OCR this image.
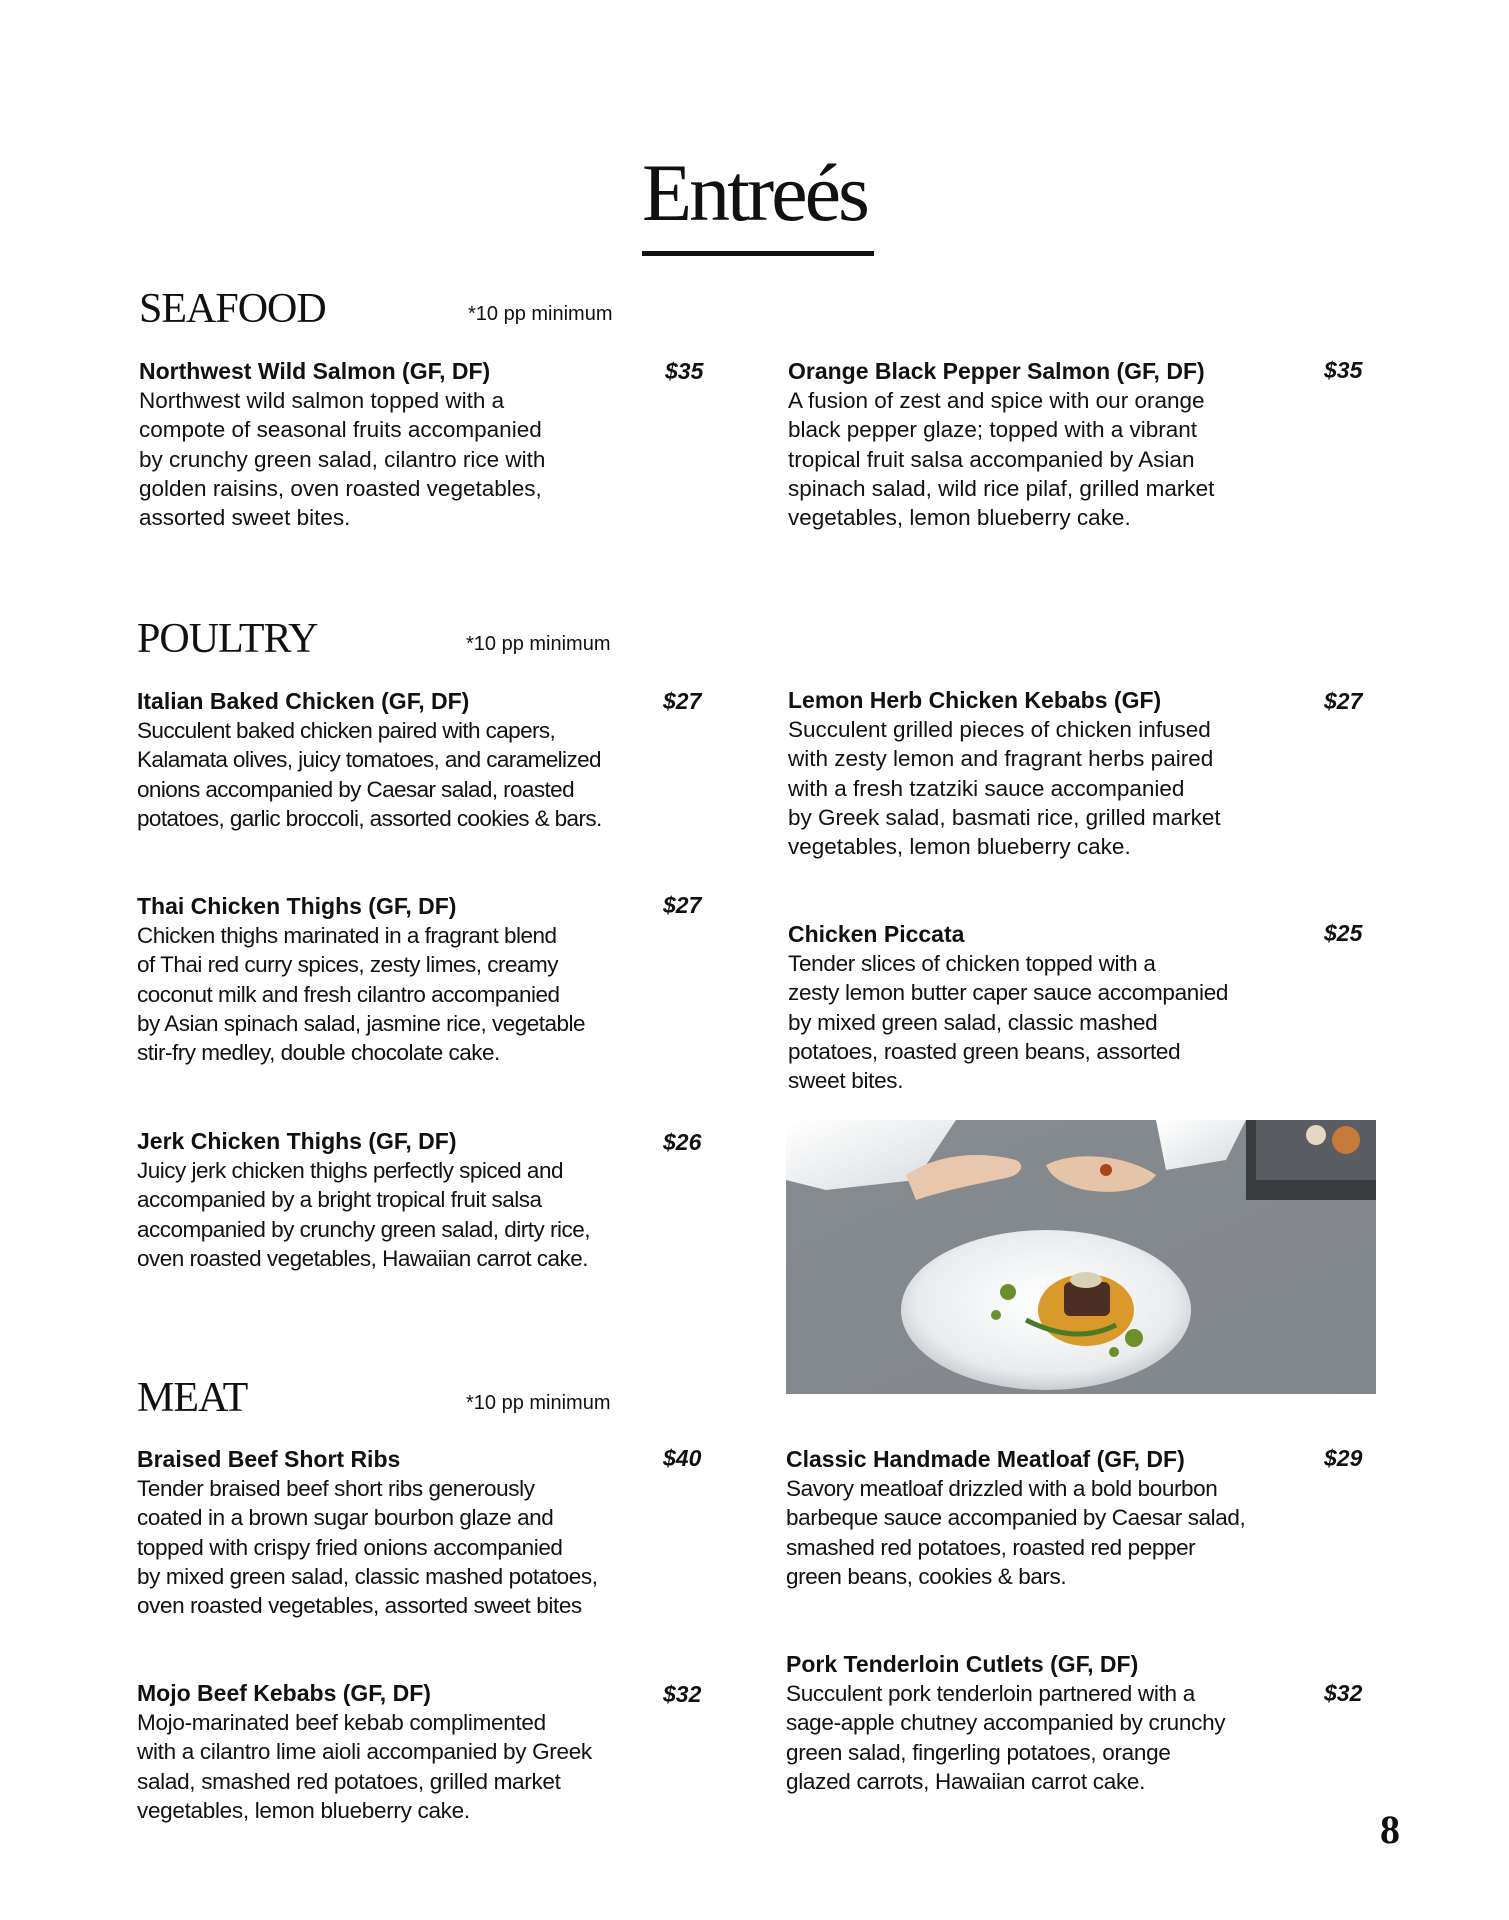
Entreés
SEAFOOD	*10 pp minimum

Northwest Wild Salmon (GF, DF)

Northwest wild salmon topped with a
compote of seasonal fruits accompanied
by crunchy green salad, cilantro rice with
golden raisins, oven roasted vegetables,
assorted sweet bites.

$35	Orange Black Pepper Salmon (GF, DF)

A fusion of zest and spice with our orange
black pepper glaze; topped with a vibrant
tropical fruit salsa accompanied by Asian
spinach salad, wild rice pilaf, grilled market
vegetables, lemon blueberry cake.

$35
POULTRY	*10 pp minimum

Italian Baked Chicken (GF, DF)

Succulent baked chicken paired with capers,
Kalamata olives, juicy tomatoes, and caramelized
onions accompanied by Caesar salad, roasted
potatoes, garlic broccoli, assorted cookies & bars.

$27	Lemon Herb Chicken Kebabs (GF)

Succulent grilled pieces of chicken infused
with zesty lemon and fragrant herbs paired
with a fresh tzatziki sauce accompanied
by Greek salad, basmati rice, grilled market
vegetables, lemon blueberry cake.

$27

Thai Chicken Thighs (GF, DF)

Chicken thighs marinated in a fragrant blend
of Thai red curry spices, zesty limes, creamy
coconut milk and fresh cilantro accompanied
by Asian spinach salad, jasmine rice, vegetable
stir-fry medley, double chocolate cake.

$27

Chicken Piccata

Tender slices of chicken topped with a
zesty lemon butter caper sauce accompanied
by mixed green salad, classic mashed
potatoes, roasted green beans, assorted
sweet bites.

$25

Jerk Chicken Thighs (GF, DF)

Juicy jerk chicken thighs perfectly spiced and
accompanied by a bright tropical fruit salsa
accompanied by crunchy green salad, dirty rice,
oven roasted vegetables, Hawaiian carrot cake.

$26
MEAT	*10 pp minimum

Braised Beef Short Ribs

Tender braised beef short ribs generously
coated in a brown sugar bourbon glaze and
topped with crispy fried onions accompanied
by mixed green salad, classic mashed potatoes,
oven roasted vegetables, assorted sweet bites

$40	Classic Handmade Meatloaf (GF, DF)

Savory meatloaf drizzled with a bold bourbon
barbeque sauce accompanied by Caesar salad,
smashed red potatoes, roasted red pepper
green beans, cookies & bars.

$29

Pork Tenderloin Cutlets (GF, DF)

Succulent pork tenderloin partnered with a
sage-apple chutney accompanied by crunchy
green salad, fingerling potatoes, orange
glazed carrots, Hawaiian carrot cake.

$32

Mojo Beef Kebabs (GF, DF)

Mojo-marinated beef kebab complimented
with a cilantro lime aioli accompanied by Greek
salad, smashed red potatoes, grilled market
vegetables, lemon blueberry cake.

$32
8
